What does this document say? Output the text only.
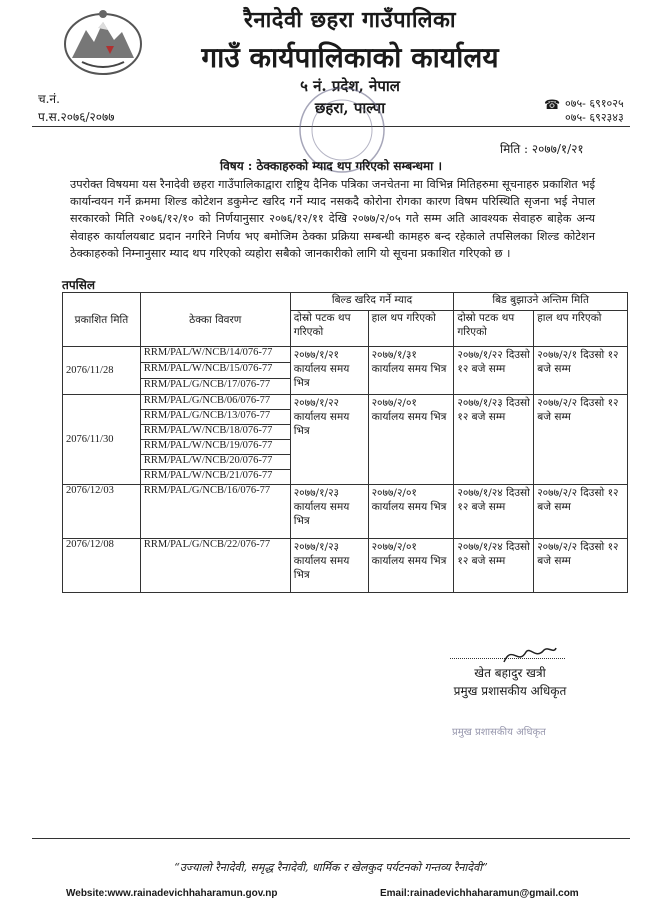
रैनादेवी छहरा गाउँपालिका
गाउँ कार्यपालिकाको कार्यालय
५ नं. प्रदेश, नेपाल
छहरा, पाल्पा
च.नं.
प.स.२०७६/२०७७
☎ ०७५- ६९१०२५
०७५- ६९२३४३
मिति : २०७७/१/२१
विषय : ठेक्काहरुको म्याद थप गरिएको सम्बन्धमा ।
उपरोक्त विषयमा यस रैनादेवी छहरा गाउँपालिकाद्वारा राष्ट्रिय दैनिक पत्रिका जनचेतना मा विभिन्न मितिहरुमा सूचनाहरु प्रकाशित भई कार्यान्वयन गर्ने क्रममा शिल्ड कोटेशन डकुमेन्ट खरिद गर्ने म्याद नसकदै कोरोना रोगका कारण विषम परिस्थिति सृजना भई नेपाल सरकारको मिति २०७६/१२/१० को निर्णयानुसार २०७६/१२/११ देखि २०७७/२/०५ गते सम्म अति आवश्यक सेवाहरु बाहेक अन्य सेवाहरु कार्यालयबाट प्रदान नगरिने निर्णय भए बमोजिम ठेक्का प्रक्रिया सम्बन्धी कामहरु बन्द रहेकाले तपसिलका शिल्ड कोटेशन ठेक्काहरुको निम्नानुसार म्याद थप गरिएको व्यहोरा सबैको जानकारीको लागि यो सूचना प्रकाशित गरिएको छ ।
तपसिल
प्रकाशित मिति	ठेक्का विवरण	बिल्ड खरिद गर्ने म्याद		बिड बुझाउने अन्तिम मिति	
		दोस्रो पटक थप गरिएको	हाल थप गरिएको	दोस्रो पटक थप गरिएको	हाल थप गरिएको
2076/11/28	RRM/PAL/W/NCB/14/076-77	२०७७/१/२१ कार्यालय समय भित्र	२०७७/१/३१ कार्यालय समय भित्र	२०७७/१/२२ दिउसो १२ बजे सम्म	२०७७/२/१ दिउसो १२ बजे सम्म
	RRM/PAL/W/NCB/15/076-77				
	RRM/PAL/G/NCB/17/076-77				
2076/11/30	RRM/PAL/G/NCB/06/076-77	२०७७/१/२२ कार्यालय समय भित्र	२०७७/२/०१ कार्यालय समय भित्र	२०७७/१/२३ दिउसो १२ बजे सम्म	२०७७/२/२ दिउसो १२ बजे सम्म
	RRM/PAL/G/NCB/13/076-77				
	RRM/PAL/W/NCB/18/076-77				
	RRM/PAL/W/NCB/19/076-77				
	RRM/PAL/W/NCB/20/076-77				
	RRM/PAL/W/NCB/21/076-77				
2076/12/03	RRM/PAL/G/NCB/16/076-77	२०७७/१/२३ कार्यालय समय भित्र	२०७७/२/०१ कार्यालय समय भित्र	२०७७/१/२४ दिउसो १२ बजे सम्म	२०७७/२/२ दिउसो १२ बजे सम्म
2076/12/08	RRM/PAL/G/NCB/22/076-77	२०७७/१/२३ कार्यालय समय भित्र	२०७७/२/०१ कार्यालय समय भित्र	२०७७/१/२४ दिउसो १२ बजे सम्म	२०७७/२/२ दिउसो १२ बजे सम्म
खेत बहादुर खत्री
प्रमुख प्रशासकीय अधिकृत
प्रमुख प्रशासकीय अधिकृत
“उज्यालो रैनादेवी, समृद्ध रैनादेवी, धार्मिक र खेलकुद पर्यटनको गन्तव्य रैनादेवी”
Website:www.rainadevichhaharamun.gov.np	Email:rainadevichhaharamun@gmail.com
